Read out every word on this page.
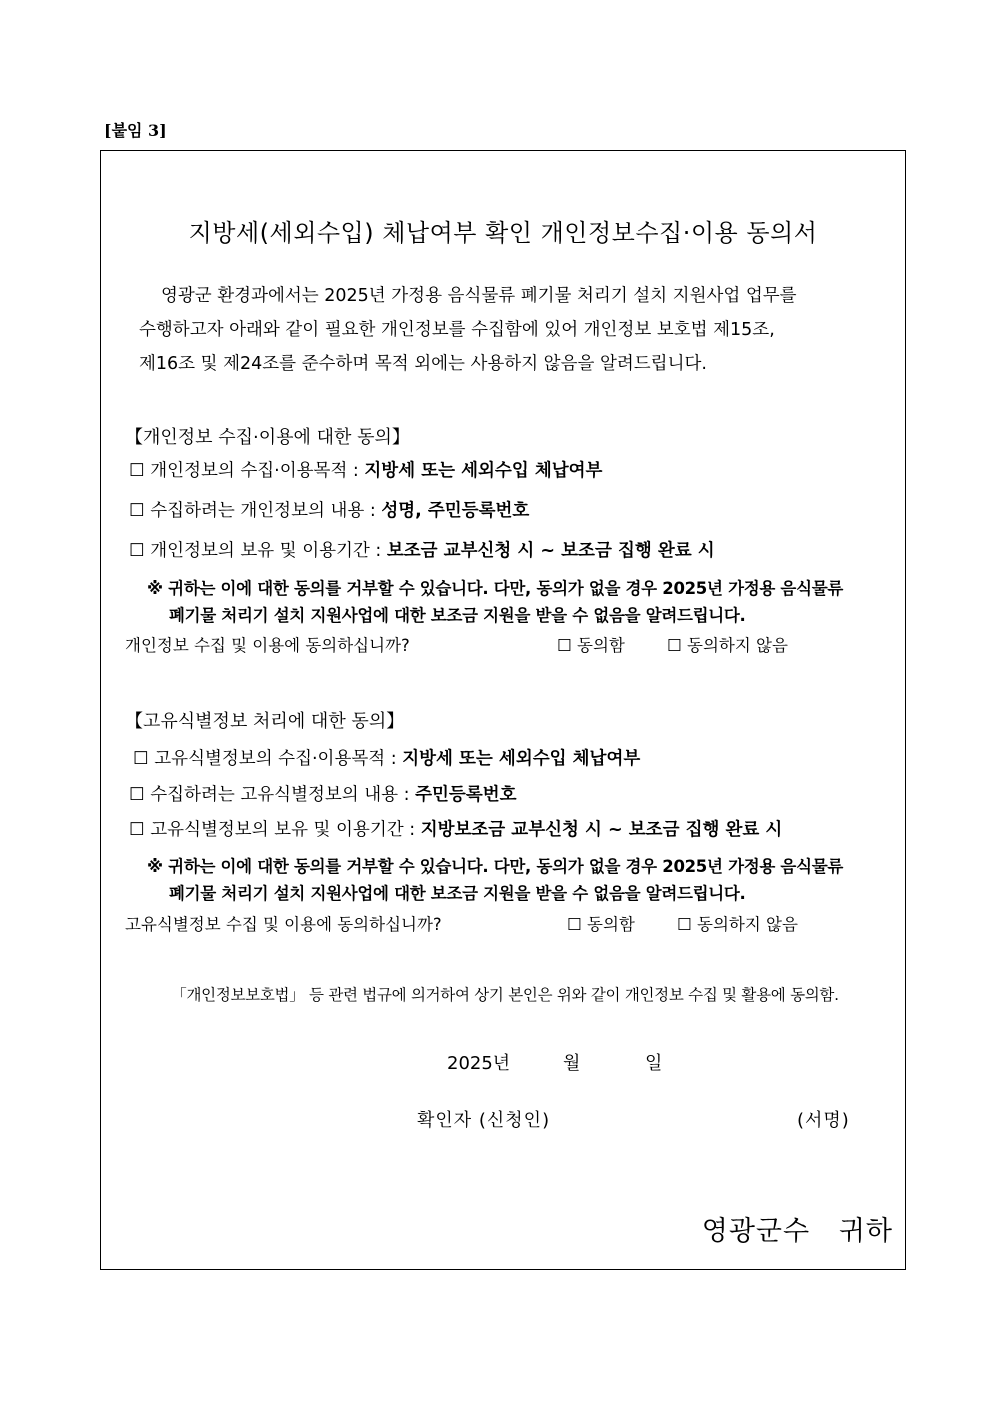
[붙임 3]
지방세(세외수입) 체납여부 확인 개인정보수집·이용 동의서

영광군 환경과에서는 2025년 가정용 음식물류 폐기물 처리기 설치 지원사업 업무를

수행하고자 아래와 같이 필요한 개인정보를 수집함에 있어 개인정보 보호법 제15조,

제16조 및 제24조를 준수하며 목적 외에는 사용하지 않음을 알려드립니다.

【개인정보 수집·이용에 대한 동의】
☐ 개인정보의 수집·이용목적 : 지방세 또는 세외수입 체납여부
☐ 수집하려는 개인정보의 내용 : 성명, 주민등록번호
☐ 개인정보의 보유 및 이용기간 : 보조금 교부신청 시 ~ 보조금 집행 완료 시
※ 귀하는 이에 대한 동의를 거부할 수 있습니다. 다만, 동의가 없을 경우 2025년 가정용 음식물류
폐기물 처리기 설치 지원사업에 대한 보조금 지원을 받을 수 없음을 알려드립니다.
개인정보 수집 및 이용에 동의하십니까?	☐ 동의함	☐ 동의하지 않음
【고유식별정보 처리에 대한 동의】
☐ 고유식별정보의 수집·이용목적 : 지방세 또는 세외수입 체납여부
☐ 수집하려는 고유식별정보의 내용 : 주민등록번호
☐ 고유식별정보의 보유 및 이용기간 : 지방보조금 교부신청 시 ~ 보조금 집행 완료 시
※ 귀하는 이에 대한 동의를 거부할 수 있습니다. 다만, 동의가 없을 경우 2025년 가정용 음식물류
폐기물 처리기 설치 지원사업에 대한 보조금 지원을 받을 수 없음을 알려드립니다.
고유식별정보 수집 및 이용에 동의하십니까?	☐ 동의함	☐ 동의하지 않음
「개인정보보호법」 등 관련 법규에 의거하여 상기 본인은 위와 같이 개인정보 수집 및 활용에 동의함.
2025년	월	일
확인자 (신청인)	(서명)
영광군수   귀하
